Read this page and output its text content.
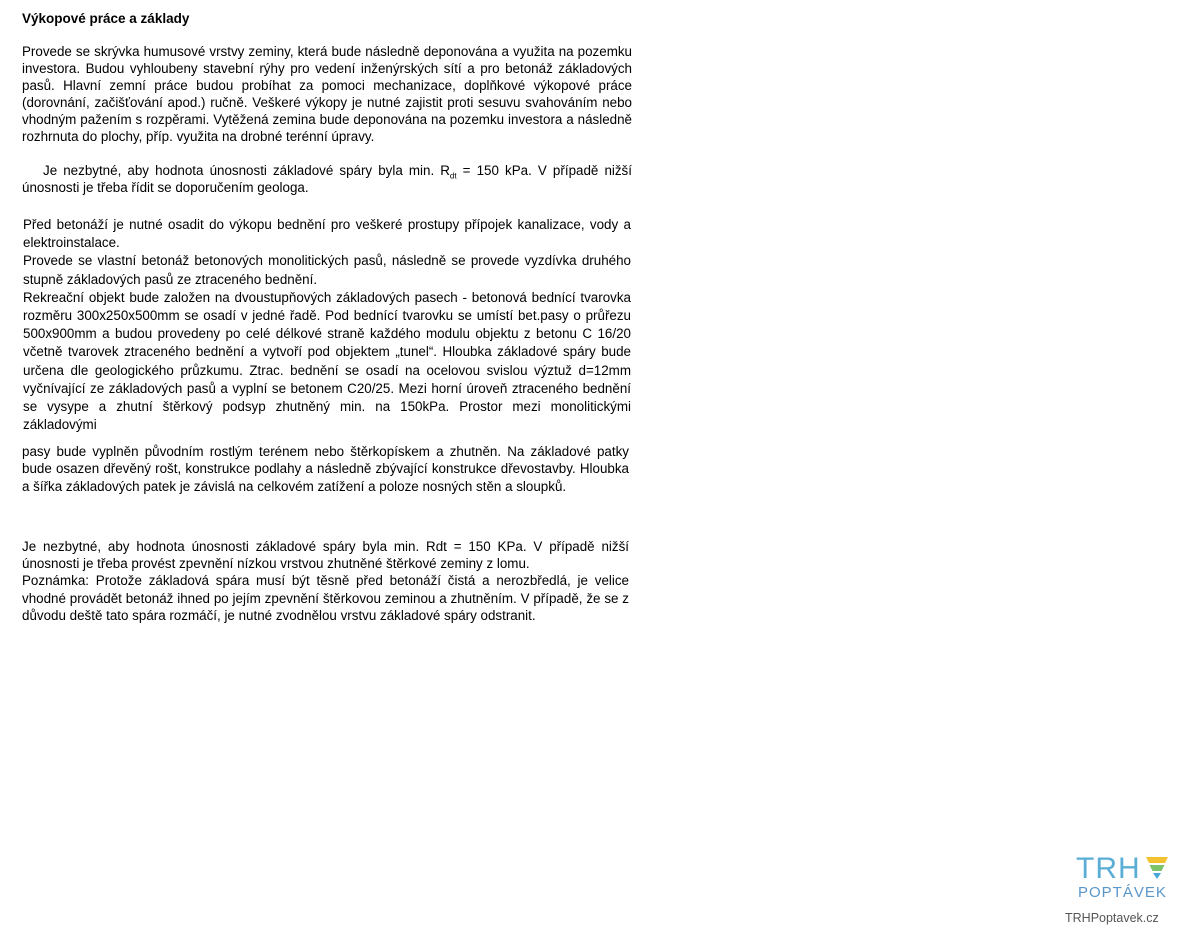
Výkopové práce a základy

Provede se skrývka humusové vrstvy zeminy, která bude následně deponována a využita na pozemku investora. Budou vyhloubeny stavební rýhy pro vedení inženýrských sítí a pro betonáž základových pasů. Hlavní zemní práce budou probíhat za pomoci mechanizace, doplňkové výkopové práce (dorovnání, začišťování apod.) ručně. Veškeré výkopy je nutné zajistit proti sesuvu svahováním nebo vhodným pažením s rozpěrami. Vytěžená zemina bude deponována na pozemku investora a následně rozhrnuta do plochy, příp. využita na drobné terénní úpravy.

Je nezbytné, aby hodnota únosnosti základové spáry byla min. $R_{dt} = 150$ kPa. V případě nižší únosnosti je třeba řídit se doporučením geologa.

Před betonáží je nutné osadit do výkopu bednění pro veškeré prostupy přípojek kanalizace, vody a elektroinstalace.
Provede se vlastní betonáž betonových monolitických pasů, následně se provede vyzdívka druhého stupně základových pasů ze ztraceného bednění.
Rekreační objekt bude založen na dvoustupňových základových pasech - betonová bednící tvarovka rozměru 300x250x500mm se osadí v jedné řadě. Pod bednící tvarovku se umístí bet.pasy o průřezu 500x900mm a budou provedeny po celé délkové straně každého modulu objektu z betonu C 16/20 včetně tvarovek ztraceného bednění a vytvoří pod objektem „tunel“. Hloubka základové spáry bude určena dle geologického průzkumu. Ztrac. bednění se osadí na ocelovou svislou výztuž d=12mm vyčnívající ze základových pasů a vyplní se betonem C20/25. Mezi horní úroveň ztraceného bednění se vysype a zhutní štěrkový podsyp zhutněný min. na 150kPa. Prostor mezi monolitickými základovými

pasy bude vyplněn původním rostlým terénem nebo štěrkopískem a zhutněn. Na základové patky bude osazen dřevěný rošt, konstrukce podlahy a následně zbývající konstrukce dřevostavby. Hloubka a šířka základových patek je závislá na celkovém zatížení a poloze nosných stěn a sloupků.

Je nezbytné, aby hodnota únosnosti základové spáry byla min. Rdt = 150 KPa. V případě nižší únosnosti je třeba provést zpevnění nízkou vrstvou zhutněné štěrkové zeminy z lomu.
Poznámka: Protože základová spára musí být těsně před betonáží čistá a nerozbředlá, je velice vhodné provádět betonáž ihned po jejím zpevnění štěrkovou zeminou a zhutněním. V případě, že se z důvodu deště tato spára rozmáčí, je nutné zvodnělou vrstvu základové spáry odstranit.
TRH
POPTÁVEK
TRHPoptavek.cz
